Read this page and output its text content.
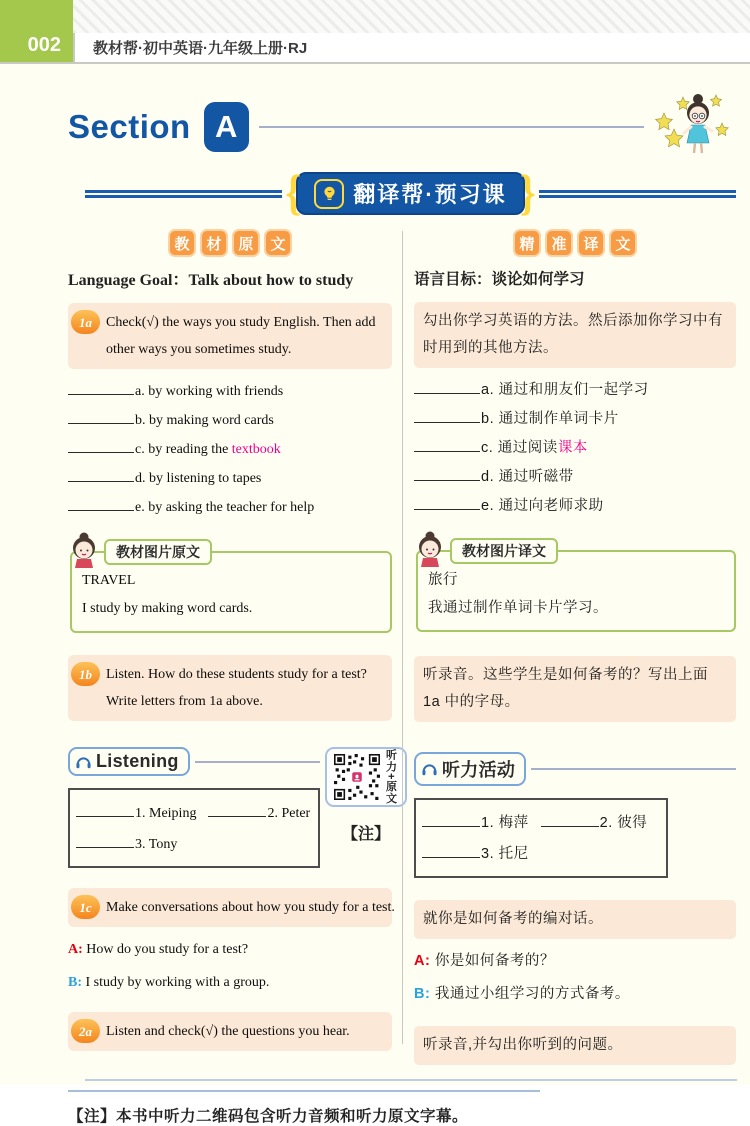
002	教材帮·初中英语·九年级上册·RJ
Section A
{ 翻译帮·预习课 }
教	材	原	文
Language Goal：Talk about how to study
1a	Check(√) the ways you study English. Then add other ways you sometimes study.
a. by working with friends
b. by making word cards
c. by reading the textbook
d. by listening to tapes
e. by asking the teacher for help
教材图片原文
TRAVEL
I study by making word cards.
1b	Listen. How do these students study for a test? Write letters from 1a above.
Listening
1. Meiping	2. Peter
3. Tony
听力+原文
【注】
1c	Make conversations about how you study for a test.
A: How do you study for a test?
B: I study by working with a group.
2a	Listen and check(√) the questions you hear.
精	准	译	文
语言目标：谈论如何学习
勾出你学习英语的方法。然后添加你学习中有时用到的其他方法。
a. 通过和朋友们一起学习
b. 通过制作单词卡片
c. 通过阅读课本
d. 通过听磁带
e. 通过向老师求助
教材图片译文
旅行
我通过制作单词卡片学习。
听录音。这些学生是如何备考的？写出上面 1a 中的字母。
听力活动
1. 梅萍	2. 彼得
3. 托尼
就你是如何备考的编对话。
A: 你是如何备考的？
B: 我通过小组学习的方式备考。
听录音,并勾出你听到的问题。
【注】本书中听力二维码包含听力音频和听力原文字幕。
